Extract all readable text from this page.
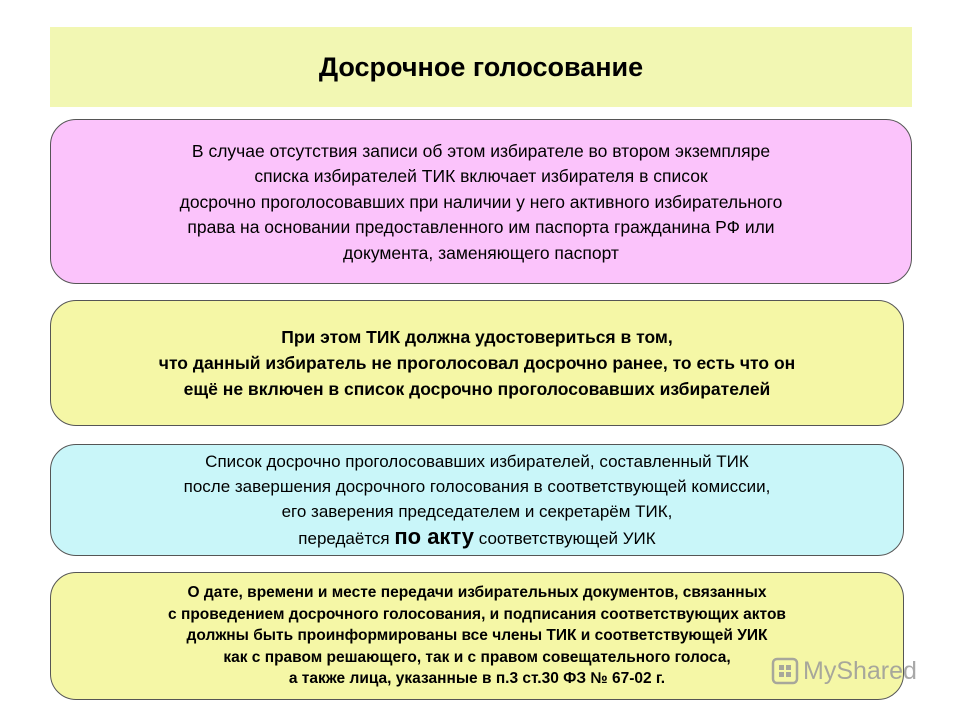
Досрочное голосование
В случае отсутствия записи об этом избирателе во втором экземпляре
списка избирателей ТИК включает избирателя в список
досрочно проголосовавших при наличии у него активного избирательного
права на основании предоставленного им паспорта гражданина РФ или
документа, заменяющего паспорт
При этом ТИК должна удостовериться в том,
что данный избиратель не проголосовал досрочно ранее, то есть что он
ещё не включен в список досрочно проголосовавших избирателей
Список досрочно проголосовавших избирателей, составленный ТИК
после завершения досрочного голосования в соответствующей комиссии,
его заверения председателем и секретарём ТИК,
передаётся по акту соответствующей УИК
О дате, времени и месте передачи избирательных документов, связанных
с проведением досрочного голосования, и подписания соответствующих актов
должны быть проинформированы все члены ТИК и соответствующей УИК
как с правом решающего, так и с правом совещательного голоса,
а также лица, указанные в п.3 ст.30 ФЗ № 67-02 г.	MyShared
